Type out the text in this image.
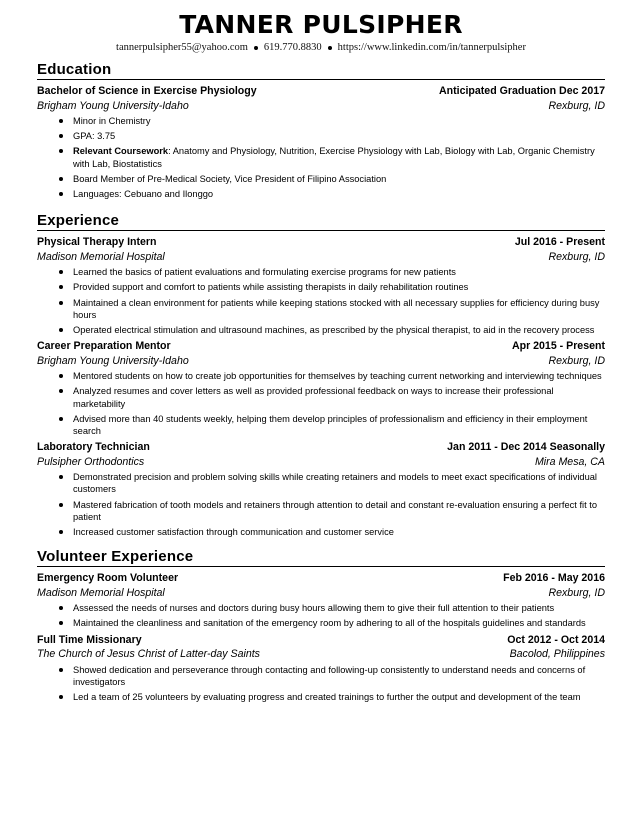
TANNER PULSIPHER
tannerpulsipher55@yahoo.com 619.770.8830 https://www.linkedin.com/in/tannerpulsipher
Education
Bachelor of Science in Exercise Physiology	Anticipated Graduation Dec 2017
Brigham Young University-Idaho	Rexburg, ID
Minor in Chemistry
GPA: 3.75
Relevant Coursework: Anatomy and Physiology, Nutrition, Exercise Physiology with Lab, Biology with Lab, Organic Chemistry with Lab, Biostatistics
Board Member of Pre-Medical Society, Vice President of Filipino Association
Languages: Cebuano and Ilonggo
Experience
Physical Therapy Intern	Jul 2016 - Present
Madison Memorial Hospital	Rexburg, ID
Learned the basics of patient evaluations and formulating exercise programs for new patients
Provided support and comfort to patients while assisting therapists in daily rehabilitation routines
Maintained a clean environment for patients while keeping stations stocked with all necessary supplies for efficiency during busy hours
Operated electrical stimulation and ultrasound machines, as prescribed by the physical therapist, to aid in the recovery process
Career Preparation Mentor	Apr 2015 - Present
Brigham Young University-Idaho	Rexburg, ID
Mentored students on how to create job opportunities for themselves by teaching current networking and interviewing techniques
Analyzed resumes and cover letters as well as provided professional feedback on ways to increase their professional marketability
Advised more than 40 students weekly, helping them develop principles of professionalism and efficiency in their employment search
Laboratory Technician	Jan 2011 - Dec 2014 Seasonally
Pulsipher Orthodontics	Mira Mesa, CA
Demonstrated precision and problem solving skills while creating retainers and models to meet exact specifications of individual customers
Mastered fabrication of tooth models and retainers through attention to detail and constant re-evaluation ensuring a perfect fit to patient
Increased customer satisfaction through communication and customer service
Volunteer Experience
Emergency Room Volunteer	Feb 2016 - May 2016
Madison Memorial Hospital	Rexburg, ID
Assessed the needs of nurses and doctors during busy hours allowing them to give their full attention to their patients
Maintained the cleanliness and sanitation of the emergency room by adhering to all of the hospitals guidelines and standards
Full Time Missionary	Oct 2012 - Oct 2014
The Church of Jesus Christ of Latter-day Saints	Bacolod, Philippines
Showed dedication and perseverance through contacting and following-up consistently to understand needs and concerns of investigators
Led a team of 25 volunteers by evaluating progress and created trainings to further the output and development of the team
